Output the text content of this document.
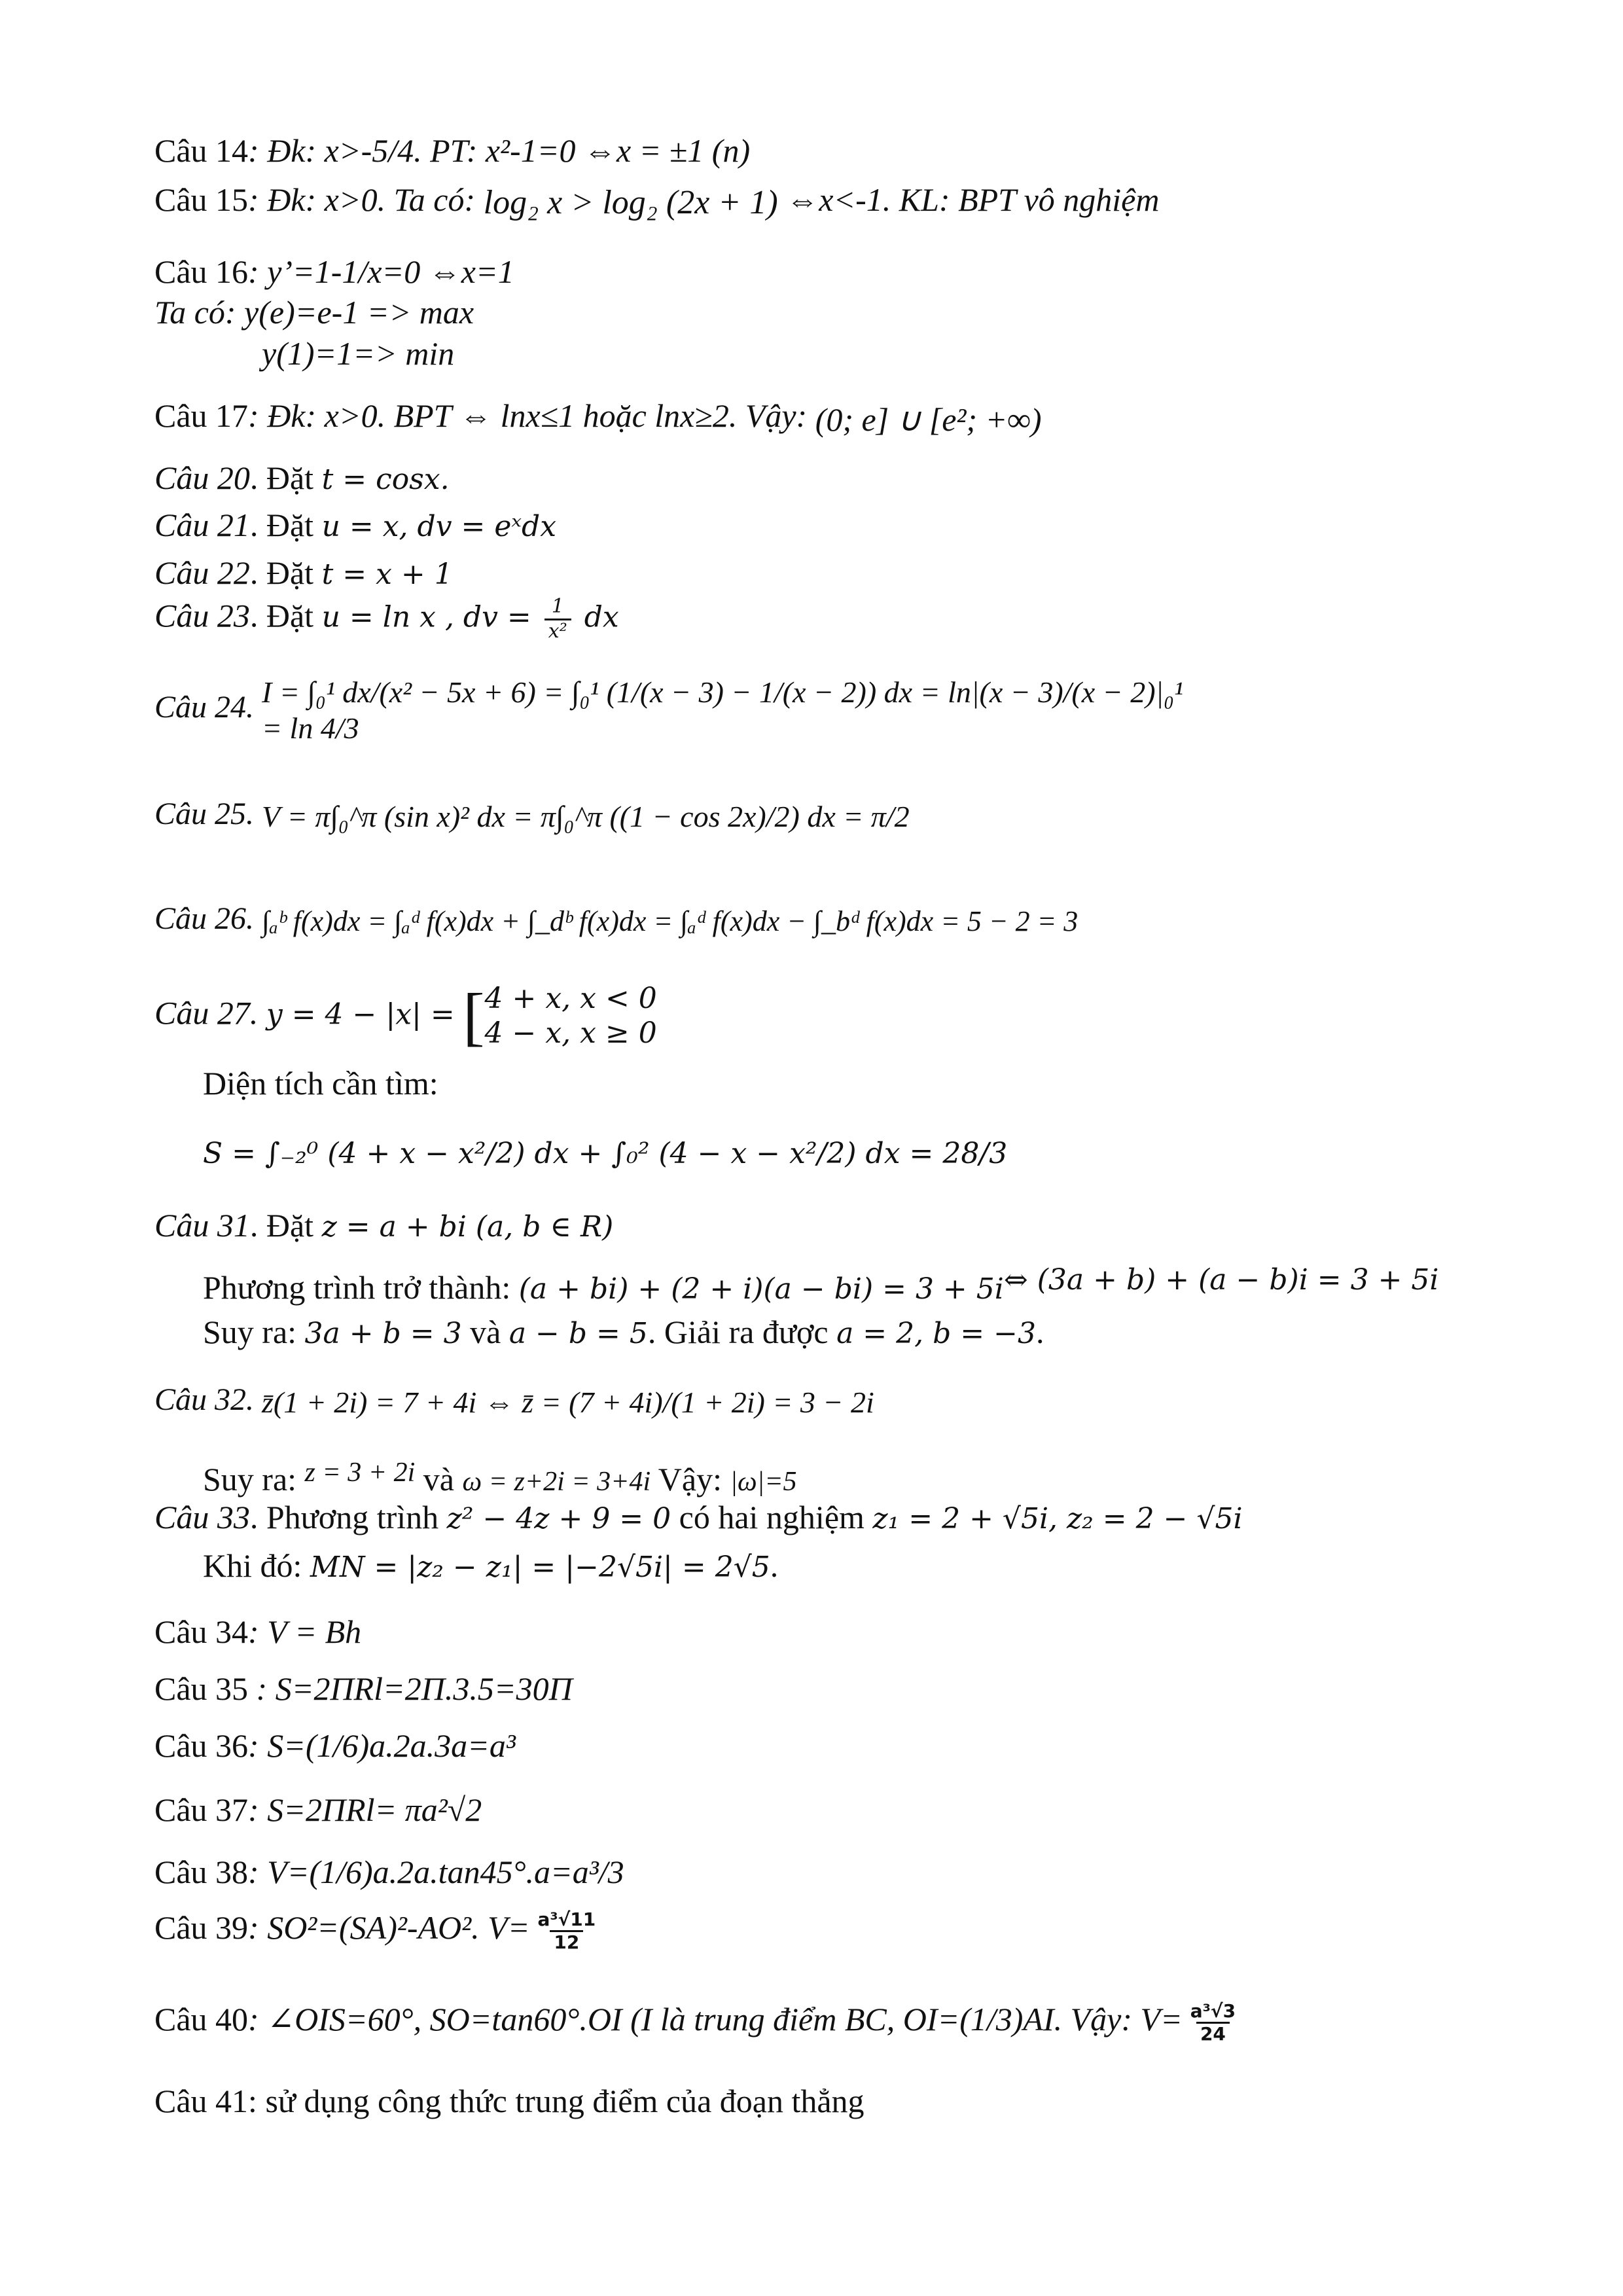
Câu 14: Đk: x>-5/4. PT: x²-1=0 ⇔x = ±1 (n)
Câu 15: Đk: x>0. Ta có: log₂ x > log₂ (2x + 1) ⇔x<-1. KL: BPT vô nghiệm
Câu 16: y’=1-1/x=0 ⇔x=1
Ta có: y(e)=e-1 => max
y(1)=1=> min
Câu 17: Đk: x>0. BPT ⇔ lnx≤1 hoặc lnx≥2. Vậy: (0; e] ∪ [e²; +∞)
Câu 20. Đặt t = cosx.
Câu 21. Đặt u = x, dv = eˣdx
Câu 22. Đặt t = x + 1
Câu 23. Đặt u = ln x , dv = $\frac{1}{\text{x²}}$ dx
Câu 24. I = ∫₀¹ dx/(x² − 5x + 6) = ∫₀¹ (1/(x − 3) − 1/(x − 2)) dx = ln|(x − 3)/(x − 2)|₀¹ = ln 4/3
Câu 25. V = π∫₀^π (sin x)² dx = π∫₀^π ((1 − cos 2x)/2) dx = π/2
Câu 26. ∫ₐᵇ f(x)dx = ∫ₐᵈ f(x)dx + ∫_dᵇ f(x)dx = ∫ₐᵈ f(x)dx − ∫_bᵈ f(x)dx = 5 − 2 = 3
Câu 27. y = 4 − |x| = [ 4 + x, x < 0
4 − x, x ≥ 0
Diện tích cần tìm:
S = ∫₋₂⁰ (4 + x − x²/2) dx + ∫₀² (4 − x − x²/2) dx = 28/3
Câu 31. Đặt z = a + bi (a, b ∈ R)
Phương trình trở thành: (a + bi) + (2 + i)(a − bi) = 3 + 5i⇔ (3a + b) + (a − b)i = 3 + 5i
Suy ra: 3a + b = 3 và a − b = 5. Giải ra được a = 2, b = −3.
Câu 32. z̄(1 + 2i) = 7 + 4i ⇔ z̄ = (7 + 4i)/(1 + 2i) = 3 − 2i
Suy ra: $^{z = 3 + 2i}$ và ω = z+2i = 3+4i Vậy: |ω|=5
Câu 33. Phương trình z² − 4z + 9 = 0 có hai nghiệm z₁ = 2 + √5i, z₂ = 2 − √5i
Khi đó: MN = |z₂ − z₁| = |−2√5i| = 2√5.
Câu 34: V = Bh
Câu 35 : S=2ΠRl=2Π.3.5=30Π
Câu 36: S=(1/6)a.2a.3a=a³
Câu 37: S=2ΠRl= πa²√2
Câu 38: V=(1/6)a.2a.tan45°.a=a³/3
Câu 39: SO²=(SA)²-AO². $V= \frac{\text{a³√11}}{12}$
Câu 40: ∠OIS=60°, SO=tan60°.OI (I là trung điểm BC, OI=(1/3)AI. Vậy: $V= \frac{\text{a³√3}}{24}$
Câu 41: sử dụng công thức trung điểm của đoạn thẳng
